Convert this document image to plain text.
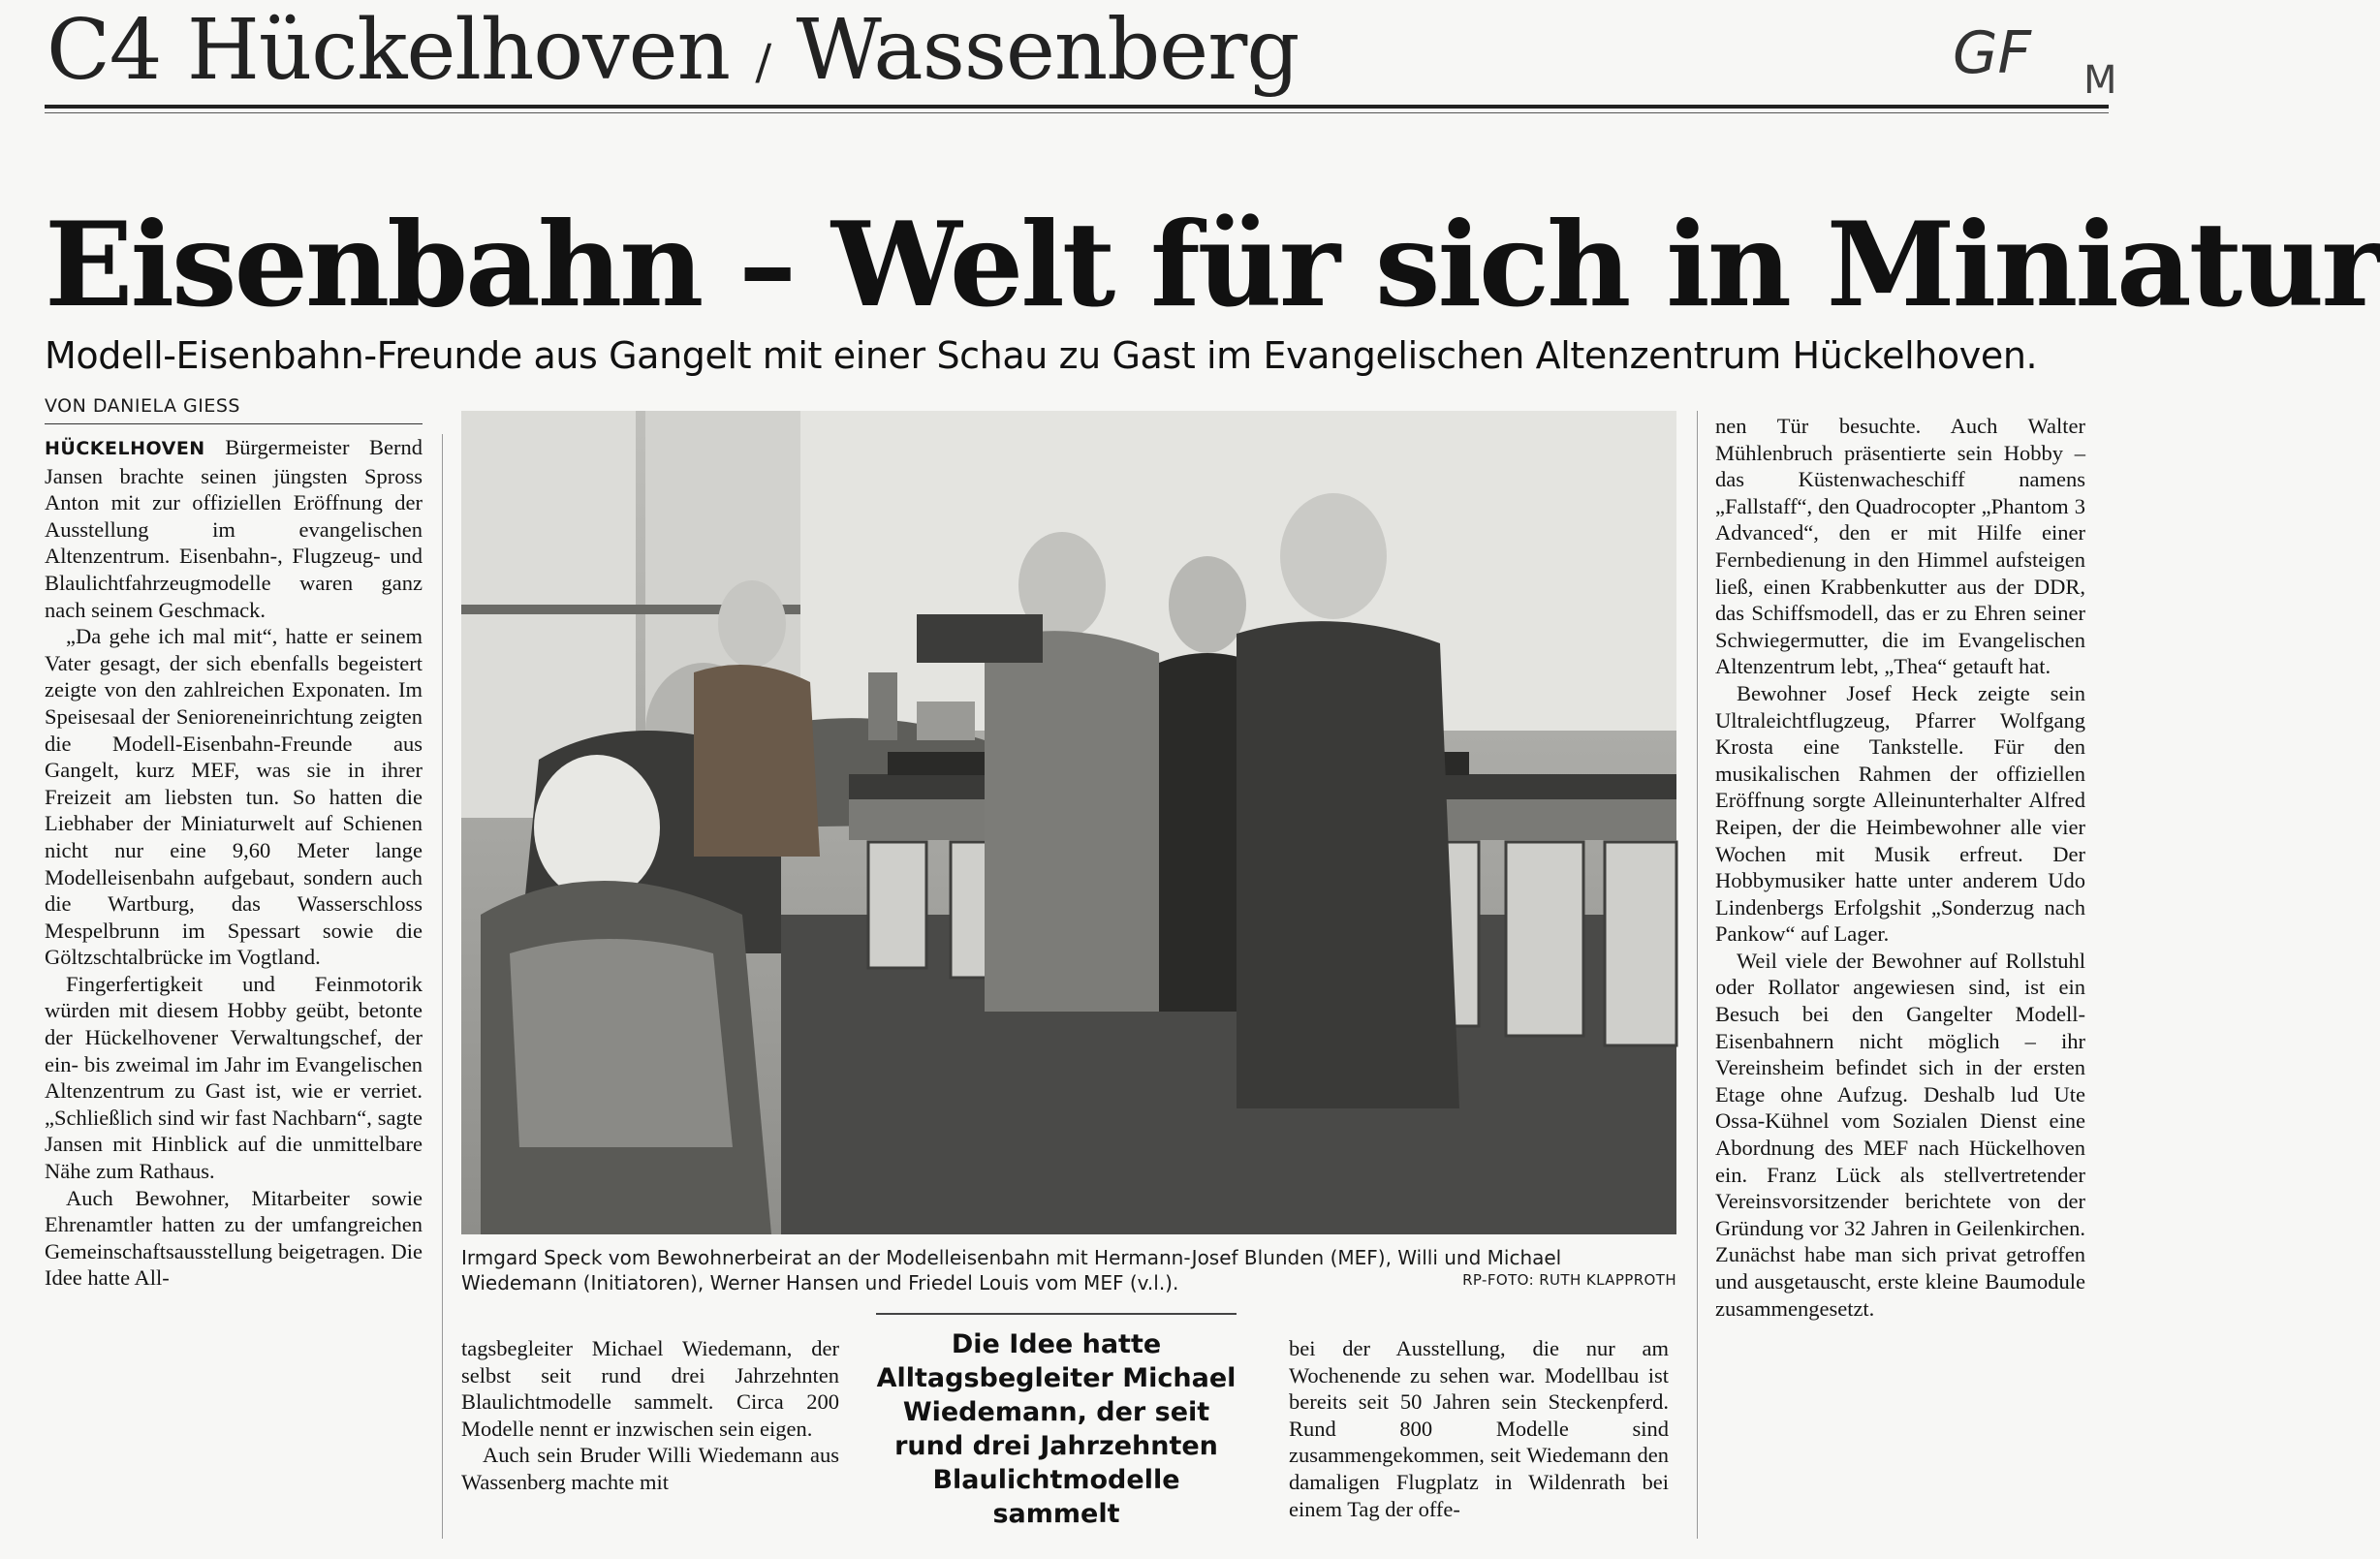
C4 Hückelhoven / Wassenberg	GF M
Eisenbahn – Welt für sich in Miniatur
Modell-Eisenbahn-Freunde aus Gangelt mit einer Schau zu Gast im Evangelischen Altenzentrum Hückelhoven.
VON DANIELA GIESS

HÜCKELHOVEN Bürgermeister Bernd Jansen brachte seinen jüngsten Spross Anton mit zur offiziellen Eröffnung der Ausstellung im evangelischen Altenzentrum. Eisenbahn-, Flugzeug- und Blaulichtfahrzeugmodelle waren ganz nach seinem Geschmack.

„Da gehe ich mal mit“, hatte er seinem Vater gesagt, der sich ebenfalls begeistert zeigte von den zahlreichen Exponaten. Im Speisesaal der Senioreneinrichtung zeigten die Modell-Eisenbahn-Freunde aus Gangelt, kurz MEF, was sie in ihrer Freizeit am liebsten tun. So hatten die Liebhaber der Miniaturwelt auf Schienen nicht nur eine 9,60 Meter lange Modelleisenbahn aufgebaut, sondern auch die Wartburg, das Wasserschloss Mespelbrunn im Spessart sowie die Göltzschtalbrücke im Vogtland.

Fingerfertigkeit und Feinmotorik würden mit diesem Hobby geübt, betonte der Hückelhovener Verwaltungschef, der ein- bis zweimal im Jahr im Evangelischen Altenzentrum zu Gast ist, wie er verriet. „Schließlich sind wir fast Nachbarn“, sagte Jansen mit Hinblick auf die unmittelbare Nähe zum Rathaus.

Auch Bewohner, Mitarbeiter sowie Ehrenamtler hatten zu der umfangreichen Gemeinschaftsausstellung beigetragen. Die Idee hatte All-

Irmgard Speck vom Bewohnerbeirat an der Modelleisenbahn mit Hermann-Josef Blunden (MEF), Willi und Michael Wiedemann (Initiatoren), Werner Hansen und Friedel Louis vom MEF (v.l.).	RP-FOTO: RUTH KLAPPROTH

tagsbegleiter Michael Wiedemann, der selbst seit rund drei Jahrzehnten Blaulichtmodelle sammelt. Circa 200 Modelle nennt er inzwischen sein eigen.

Auch sein Bruder Willi Wiedemann aus Wassenberg machte mit

Die Idee hatte Alltagsbegleiter Michael Wiedemann, der seit rund drei Jahrzehnten Blaulichtmodelle sammelt

bei der Ausstellung, die nur am Wochenende zu sehen war. Modellbau ist bereits seit 50 Jahren sein Steckenpferd. Rund 800 Modelle sind zusammengekommen, seit Wiedemann den damaligen Flugplatz in Wildenrath bei einem Tag der offe-

nen Tür besuchte. Auch Walter Mühlenbruch präsentierte sein Hobby – das Küstenwacheschiff namens „Fallstaff“, den Quadrocopter „Phantom 3 Advanced“, den er mit Hilfe einer Fernbedienung in den Himmel aufsteigen ließ, einen Krabbenkutter aus der DDR, das Schiffsmodell, das er zu Ehren seiner Schwiegermutter, die im Evangelischen Altenzentrum lebt, „Thea“ getauft hat.

Bewohner Josef Heck zeigte sein Ultraleichtflugzeug, Pfarrer Wolfgang Krosta eine Tankstelle. Für den musikalischen Rahmen der offiziellen Eröffnung sorgte Alleinunterhalter Alfred Reipen, der die Heimbewohner alle vier Wochen mit Musik erfreut. Der Hobbymusiker hatte unter anderem Udo Lindenbergs Erfolgshit „Sonderzug nach Pankow“ auf Lager.

Weil viele der Bewohner auf Rollstuhl oder Rollator angewiesen sind, ist ein Besuch bei den Gangelter Modell-Eisenbahnern nicht möglich – ihr Vereinsheim befindet sich in der ersten Etage ohne Aufzug. Deshalb lud Ute Ossa-Kühnel vom Sozialen Dienst eine Abordnung des MEF nach Hückelhoven ein. Franz Lück als stellvertretender Vereinsvorsitzender berichtete von der Gründung vor 32 Jahren in Geilenkirchen. Zunächst habe man sich privat getroffen und ausgetauscht, erste kleine Baumodule zusammengesetzt.
